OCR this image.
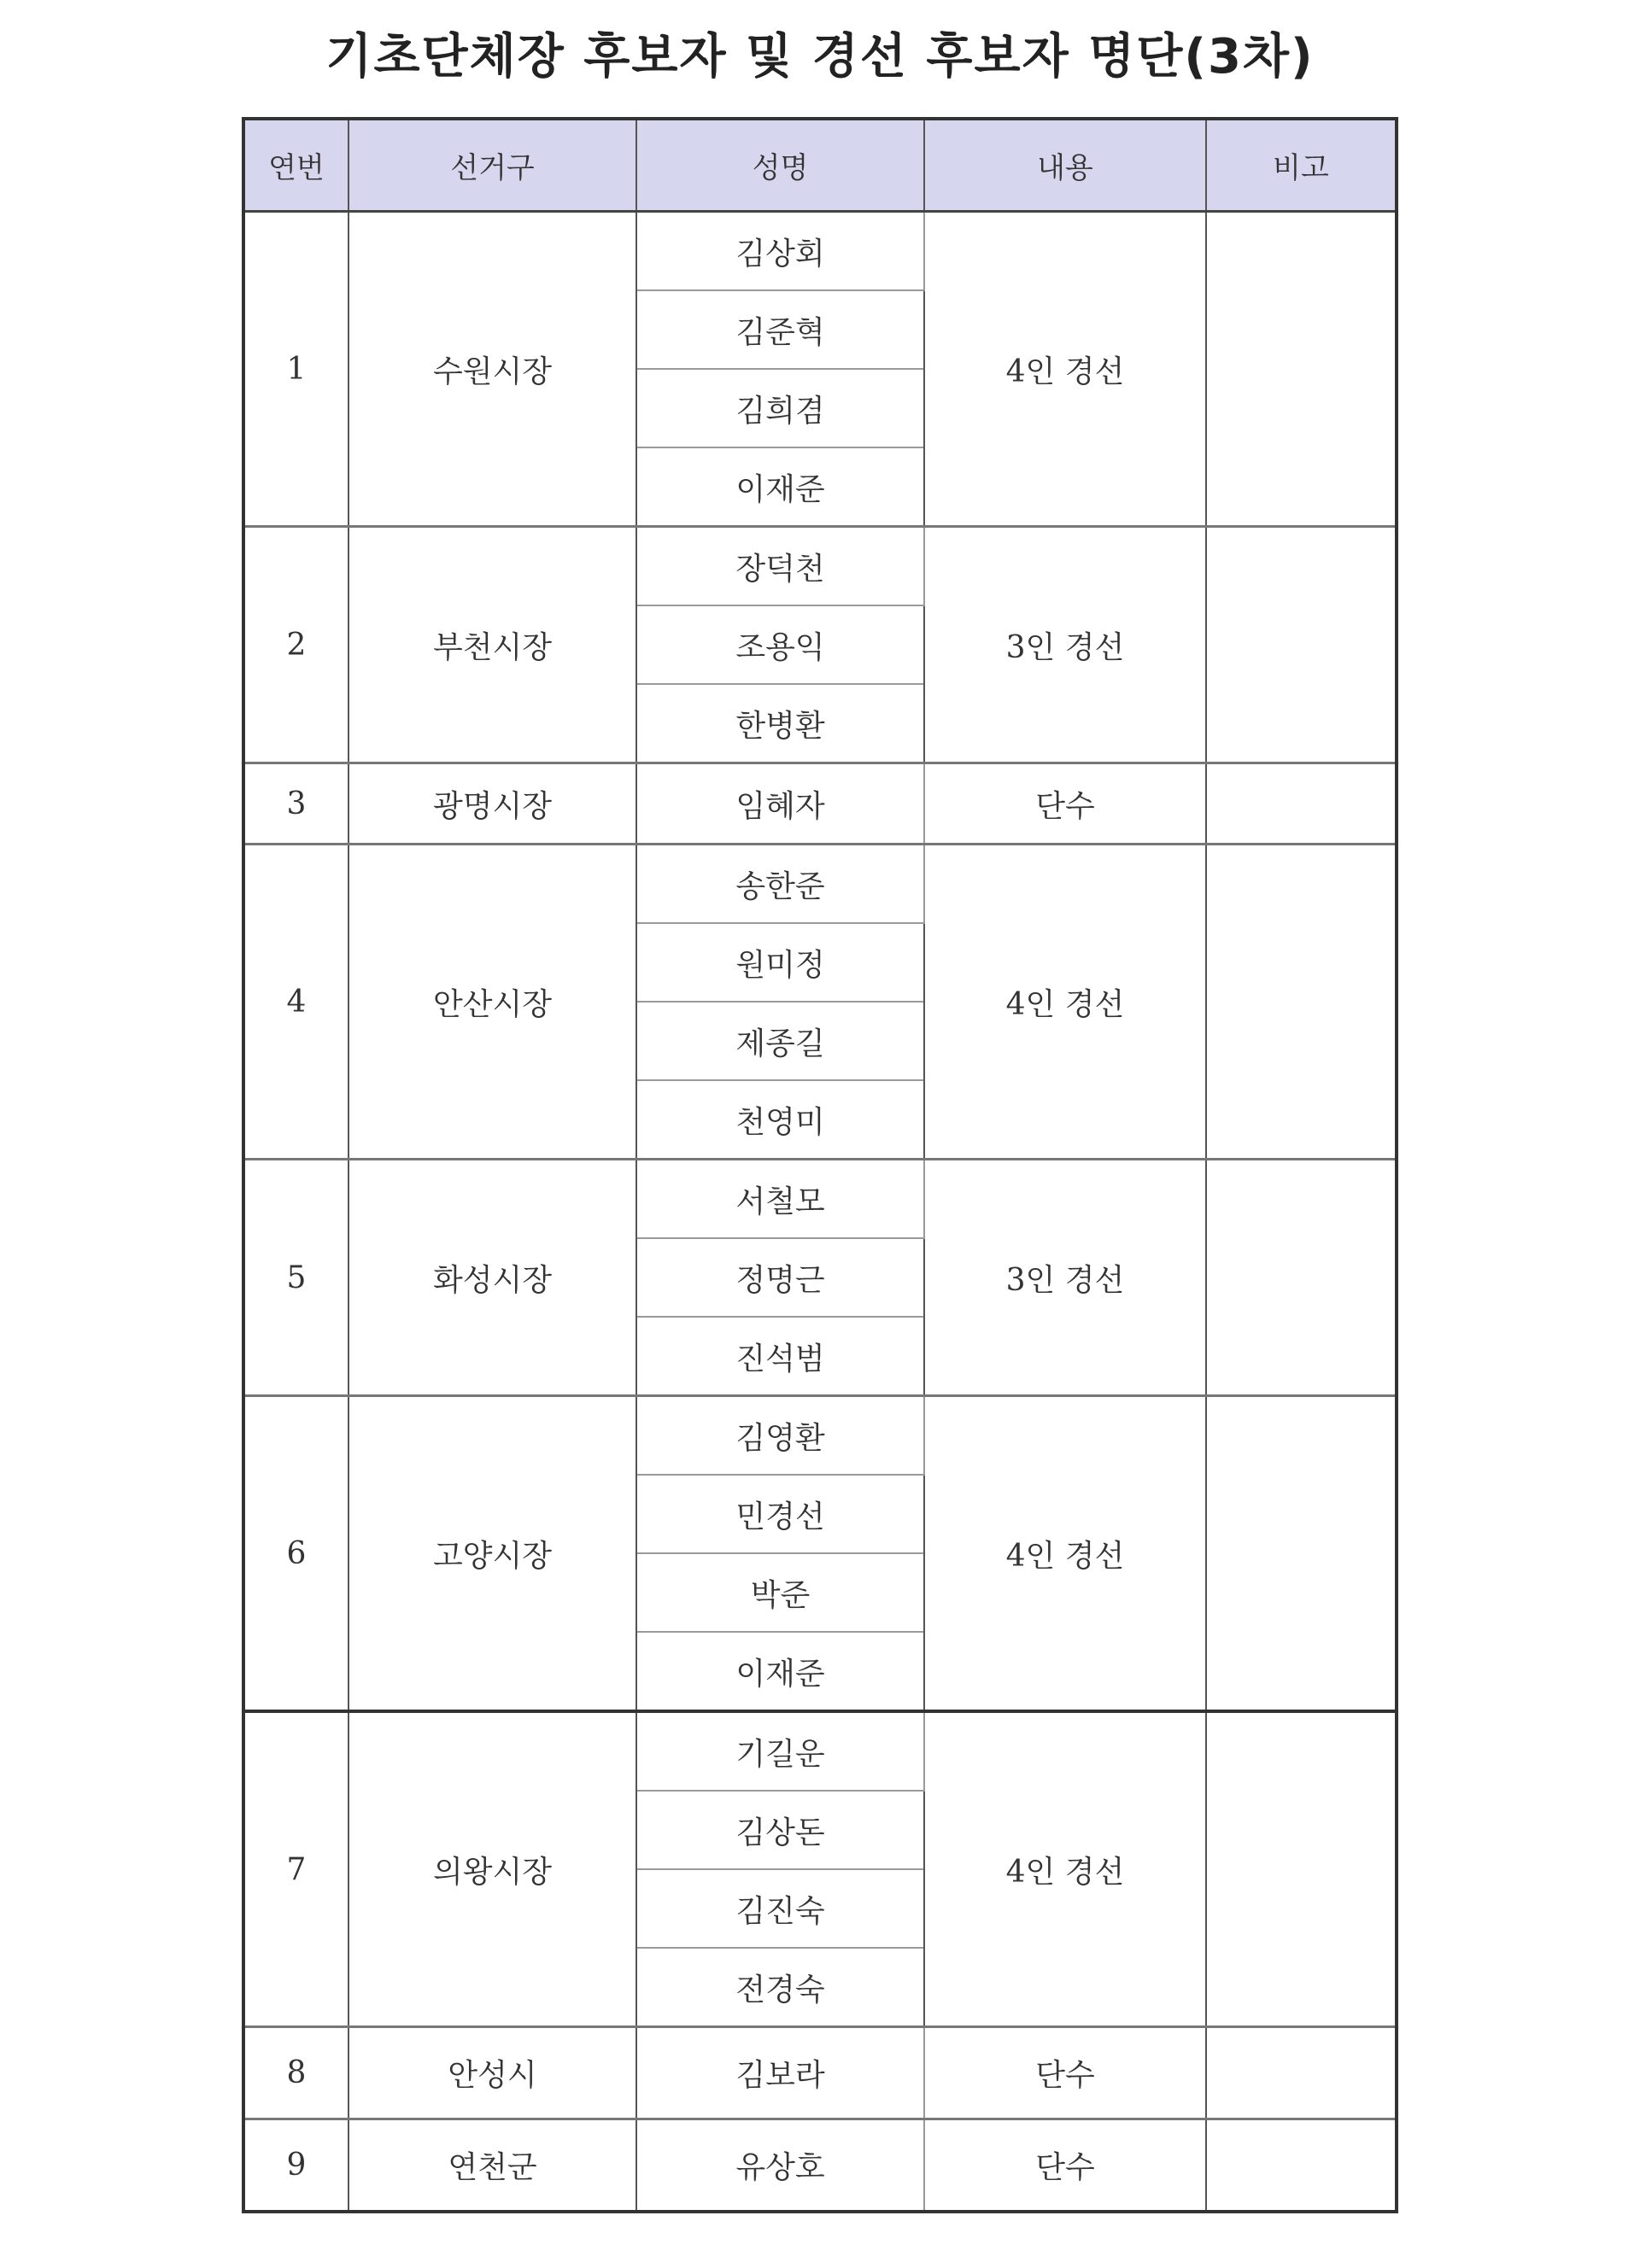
기초단체장 후보자 및 경선 후보자 명단(3차)
연번	선거구	성명	내용	비고
1	수원시장	김상회	4인 경선	
		김준혁		
		김희겸		
		이재준		
2	부천시장	장덕천	3인 경선	
		조용익		
		한병환		
3	광명시장	임혜자	단수	
4	안산시장	송한준	4인 경선	
		원미정		
		제종길		
		천영미		
5	화성시장	서철모	3인 경선	
		정명근		
		진석범		
6	고양시장	김영환	4인 경선	
		민경선		
		박준		
		이재준		
7	의왕시장	기길운	4인 경선	
		김상돈		
		김진숙		
		전경숙		
8	안성시	김보라	단수	
9	연천군	유상호	단수	
